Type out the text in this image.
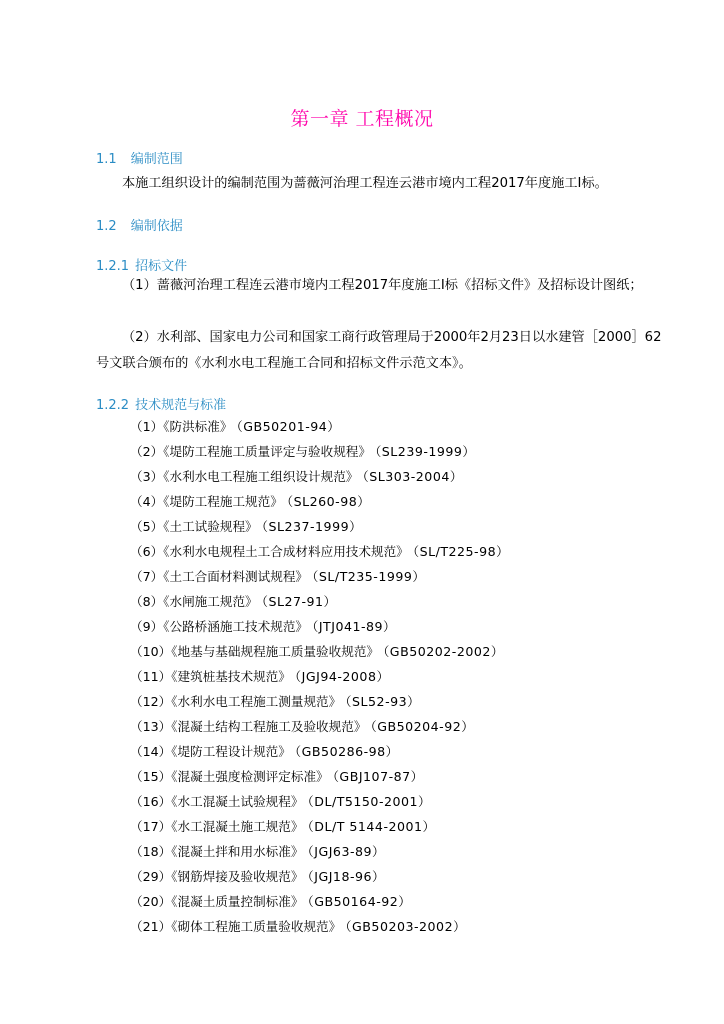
第一章 工程概况
1.1 编制范围
本施工组织设计的编制范围为蔷薇河治理工程连云港市境内工程2017年度施工I标。
1.2 编制依据
1.2.1 招标文件
（1）蔷薇河治理工程连云港市境内工程2017年度施工I标《招标文件》及招标设计图纸；
（2）水利部、国家电力公司和国家工商行政管理局于2000年2月23日以水建管［2000］62号文联合颁布的《水利水电工程施工合同和招标文件示范文本》。
1.2.2 技术规范与标准
（1）《防洪标准》 （GB50201-94）
（2）《堤防工程施工质量评定与验收规程》 （SL239-1999）
（3）《水利水电工程施工组织设计规范》 （SL303-2004）
（4）《堤防工程施工规范》 （SL260-98）
（5）《土工试验规程》 （SL237-1999）
（6）《水利水电规程土工合成材料应用技术规范》 （SL/T225-98）
（7）《土工合面材料测试规程》 （SL/T235-1999）
（8）《水闸施工规范》 （SL27-91）
（9）《公路桥涵施工技术规范》 （JTJ041-89）
（10）《地基与基础规程施工质量验收规范》 （GB50202-2002）
（11）《建筑桩基技术规范》 （JGJ94-2008）
（12）《水利水电工程施工测量规范》 （SL52-93）
（13）《混凝土结构工程施工及验收规范》 （GB50204-92）
（14）《堤防工程设计规范》 （GB50286-98）
（15）《混凝土强度检测评定标准》 （GBJ107-87）
（16）《水工混凝土试验规程》 （DL/T5150-2001）
（17）《水工混凝土施工规范》 （DL/T 5144-2001）
（18）《混凝土拌和用水标准》 （JGJ63-89）
（29）《钢筋焊接及验收规范》 （JGJ18-96）
（20）《混凝土质量控制标准》 （GB50164-92）
（21）《砌体工程施工质量验收规范》 （GB50203-2002）
